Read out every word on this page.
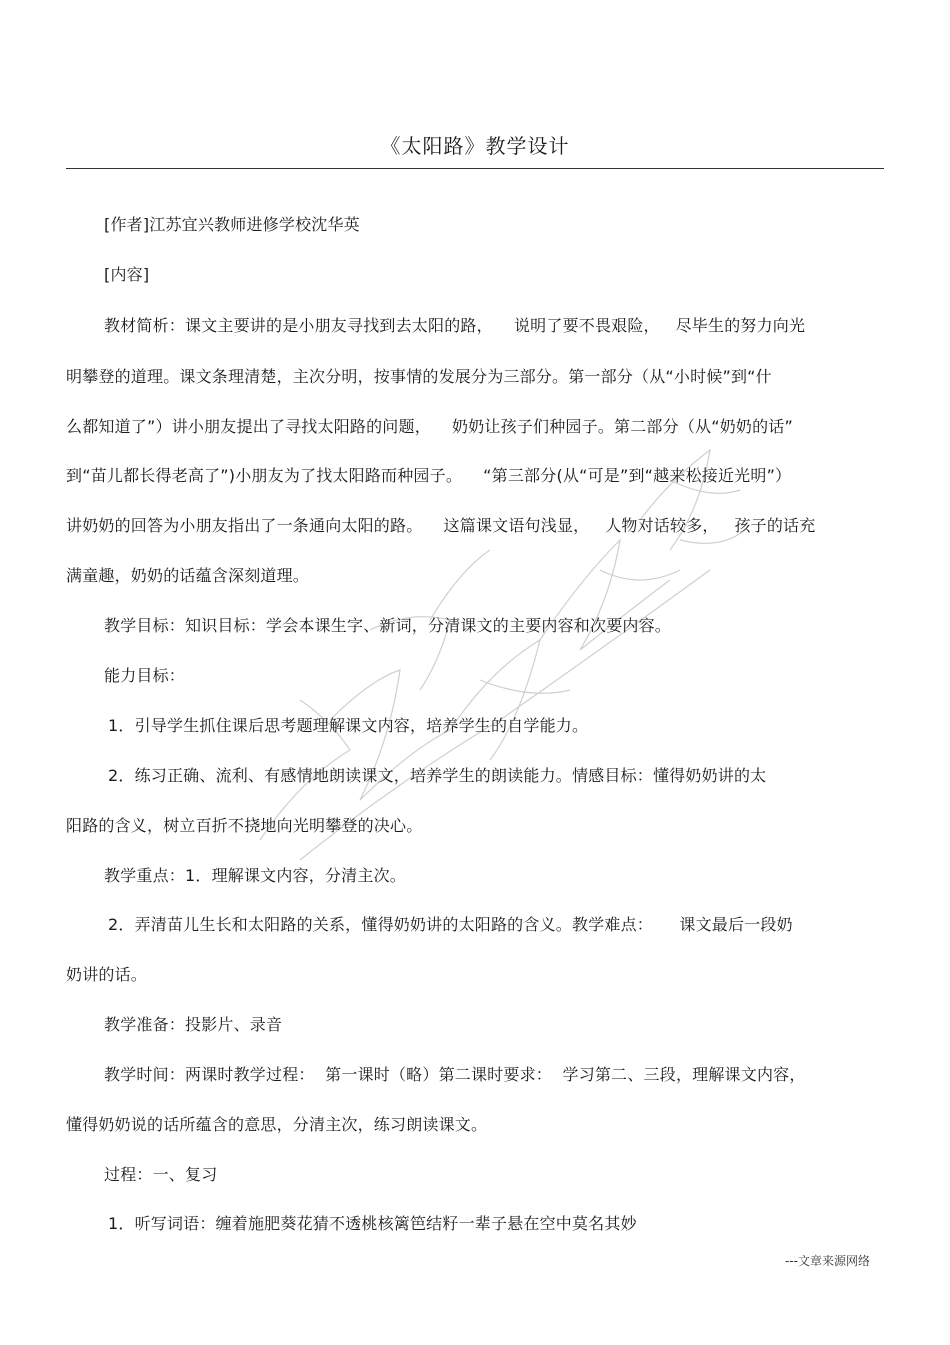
《太阳路》教学设计
[作者]江苏宜兴教师进修学校沈华英
[内容]
教材简析：课文主要讲的是小朋友寻找到去太阳的路，    说明了要不畏艰险，   尽毕生的努力向光
明攀登的道理。课文条理清楚，主次分明，按事情的发展分为三部分。第一部分（从“小时候”到“什
么都知道了”）讲小朋友提出了寻找太阳路的问题，    奶奶让孩子们种园子。第二部分（从“奶奶的话”
到“苗儿都长得老高了”)小朋友为了找太阳路而种园子。    “第三部分(从“可是”到“越来松接近光明”）
讲奶奶的回答为小朋友指出了一条通向太阳的路。    这篇课文语句浅显，   人物对话较多，   孩子的话充
满童趣，奶奶的话蕴含深刻道理。
教学目标：知识目标：学会本课生字、新词，分清课文的主要内容和次要内容。
能力目标：
1．引导学生抓住课后思考题理解课文内容，培养学生的自学能力。
2．练习正确、流利、有感情地朗读课文，培养学生的朗读能力。情感目标：懂得奶奶讲的太
阳路的含义，树立百折不挠地向光明攀登的决心。
教学重点：1．理解课文内容，分清主次。
2．弄清苗儿生长和太阳路的关系，懂得奶奶讲的太阳路的含义。教学难点：     课文最后一段奶
奶讲的话。
教学准备：投影片、录音
教学时间：两课时教学过程：  第一课时（略）第二课时要求：  学习第二、三段，理解课文内容，
懂得奶奶说的话所蕴含的意思，分清主次，练习朗读课文。
过程：一、复习
1．听写词语：缠着施肥葵花猜不透桃核篱笆结籽一辈子悬在空中莫名其妙
---文章来源网络
